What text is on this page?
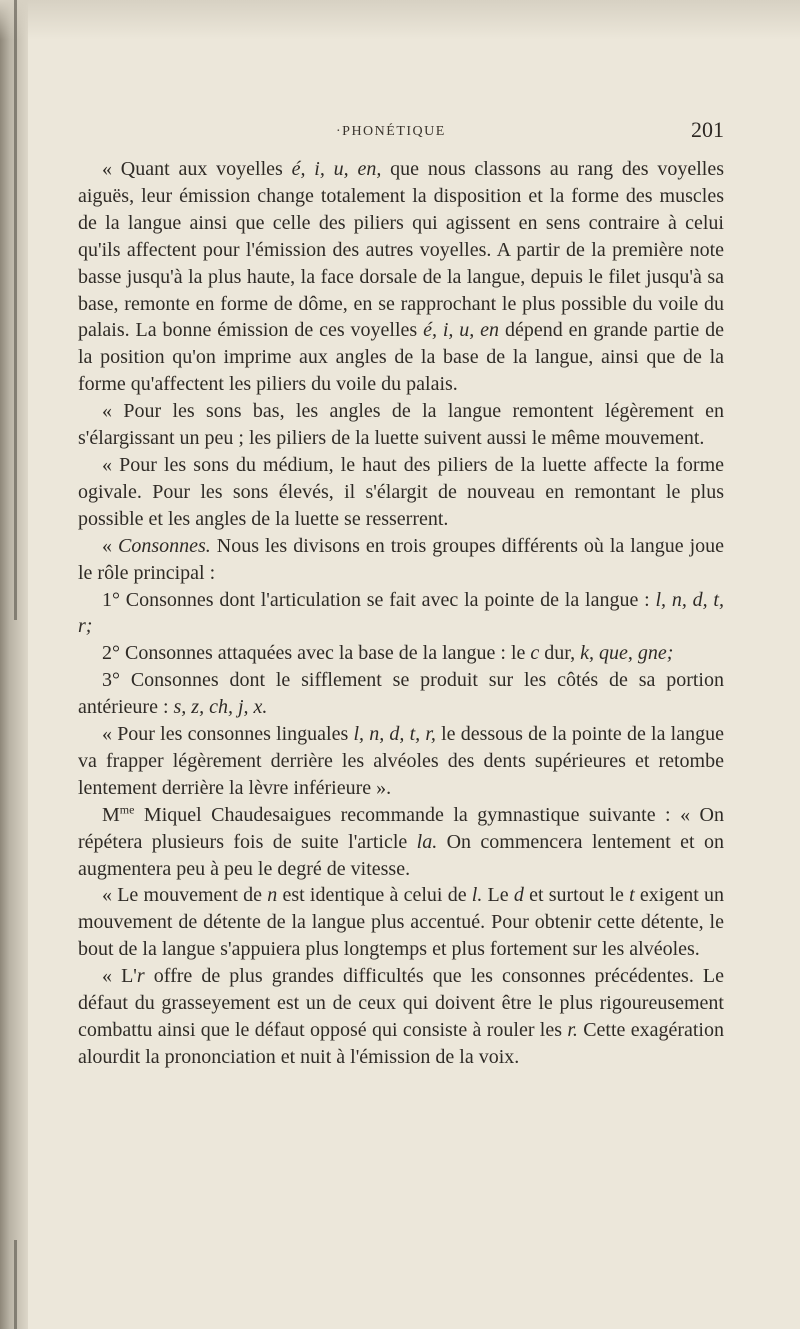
·PHONÉTIQUE	201

« Quant aux voyelles é, i, u, en, que nous classons au rang des voyelles aiguës, leur émission change totalement la disposition et la forme des muscles de la langue ainsi que celle des piliers qui agissent en sens contraire à celui qu'ils affectent pour l'émission des autres voyelles. A partir de la première note basse jusqu'à la plus haute, la face dorsale de la langue, depuis le filet jusqu'à sa base, remonte en forme de dôme, en se rapprochant le plus possible du voile du palais. La bonne émission de ces voyelles é, i, u, en dépend en grande partie de la position qu'on imprime aux angles de la base de la langue, ainsi que de la forme qu'affectent les piliers du voile du palais.

« Pour les sons bas, les angles de la langue remontent légèrement en s'élargissant un peu ; les piliers de la luette suivent aussi le même mouvement.

« Pour les sons du médium, le haut des piliers de la luette affecte la forme ogivale. Pour les sons élevés, il s'élargit de nouveau en remontant le plus possible et les angles de la luette se resserrent.

« Consonnes. Nous les divisons en trois groupes différents où la langue joue le rôle principal :

1° Consonnes dont l'articulation se fait avec la pointe de la langue : l, n, d, t, r;

2° Consonnes attaquées avec la base de la langue : le c dur, k, que, gne;

3° Consonnes dont le sifflement se produit sur les côtés de sa portion antérieure : s, z, ch, j, x.

« Pour les consonnes linguales l, n, d, t, r, le dessous de la pointe de la langue va frapper légèrement derrière les alvéoles des dents supérieures et retombe lentement derrière la lèvre inférieure ».

$M^{me}$ Miquel Chaudesaigues recommande la gymnastique suivante : « On répétera plusieurs fois de suite l'article la. On commencera lentement et on augmentera peu à peu le degré de vitesse.

« Le mouvement de n est identique à celui de l. Le d et surtout le t exigent un mouvement de détente de la langue plus accentué. Pour obtenir cette détente, le bout de la langue s'appuiera plus longtemps et plus fortement sur les alvéoles.

« L'r offre de plus grandes difficultés que les consonnes précédentes. Le défaut du grasseyement est un de ceux qui doivent être le plus rigoureusement combattu ainsi que le défaut opposé qui consiste à rouler les r. Cette exagération alourdit la prononciation et nuit à l'émission de la voix.
